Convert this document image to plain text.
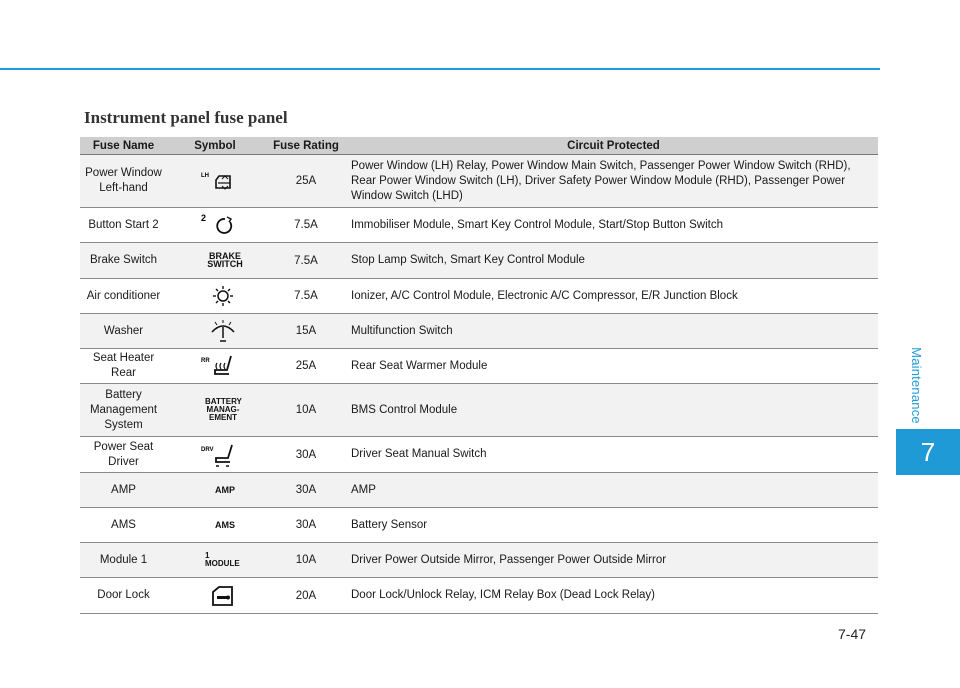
Instrument panel fuse panel
Fuse Name	Symbol	Fuse Rating	Circuit Protected
Power Window Left-hand	LH	25A	Power Window (LH) Relay, Power Window Main Switch, Passenger Power Window Switch (RHD), Rear Power Window Switch (LH), Driver Safety Power Window Module (RHD), Passenger Power Window Switch (LHD)
Button Start 2	2	7.5A	Immobiliser Module, Smart Key Control Module, Start/Stop Button Switch
Brake Switch	BRAKE SWITCH	7.5A	Stop Lamp Switch, Smart Key Control Module
Air conditioner		7.5A	Ionizer, A/C Control Module, Electronic A/C Compressor, E/R Junction Block
Washer		15A	Multifunction Switch
Seat Heater Rear	RR	25A	Rear Seat Warmer Module
Battery Management System	BATTERY MANAG- EMENT	10A	BMS Control Module
Power Seat Driver	DRV	30A	Driver Seat Manual Switch
AMP	AMP	30A	AMP
AMS	AMS	30A	Battery Sensor
Module 1	1 MODULE	10A	Driver Power Outside Mirror, Passenger Power Outside Mirror
Door Lock		20A	Door Lock/Unlock Relay, ICM Relay Box (Dead Lock Relay)
Maintenance
7
7-47
